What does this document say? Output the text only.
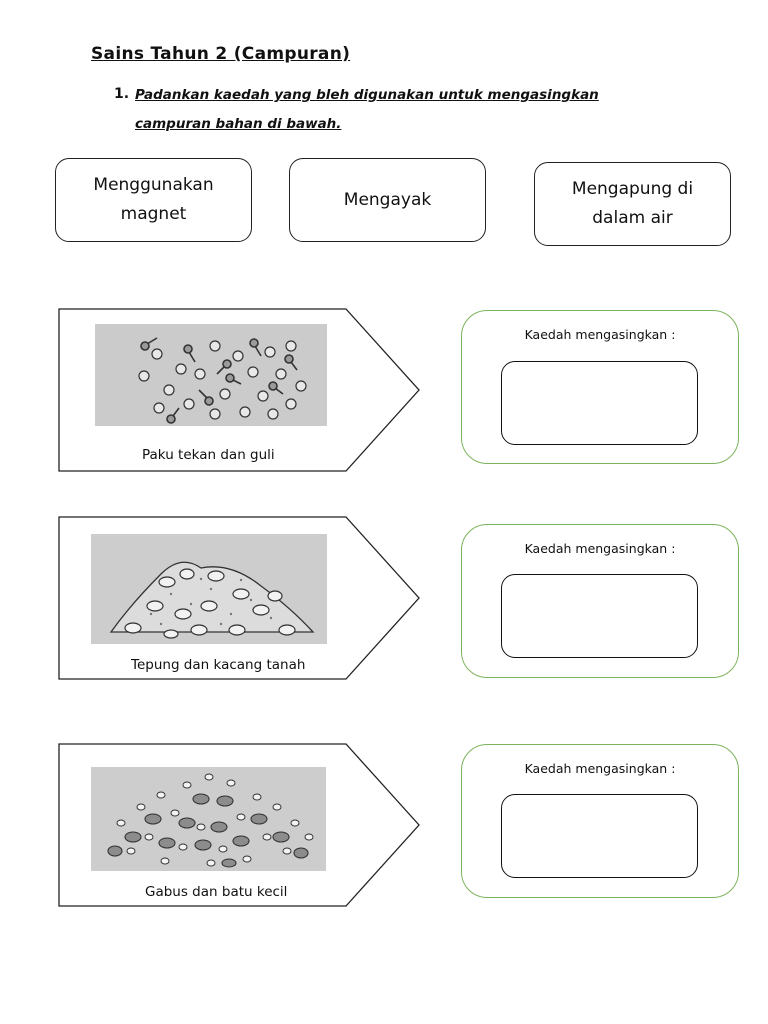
Sains Tahun 2 (Campuran)
1. Padankan kaedah yang bleh digunakan untuk mengasingkan
campuran bahan di bawah.
Menggunakan
magnet
Mengayak
Mengapung di
dalam air
Paku tekan dan guli
Kaedah mengasingkan :
Tepung dan kacang tanah
Kaedah mengasingkan :
Gabus dan batu kecil
Kaedah mengasingkan :
